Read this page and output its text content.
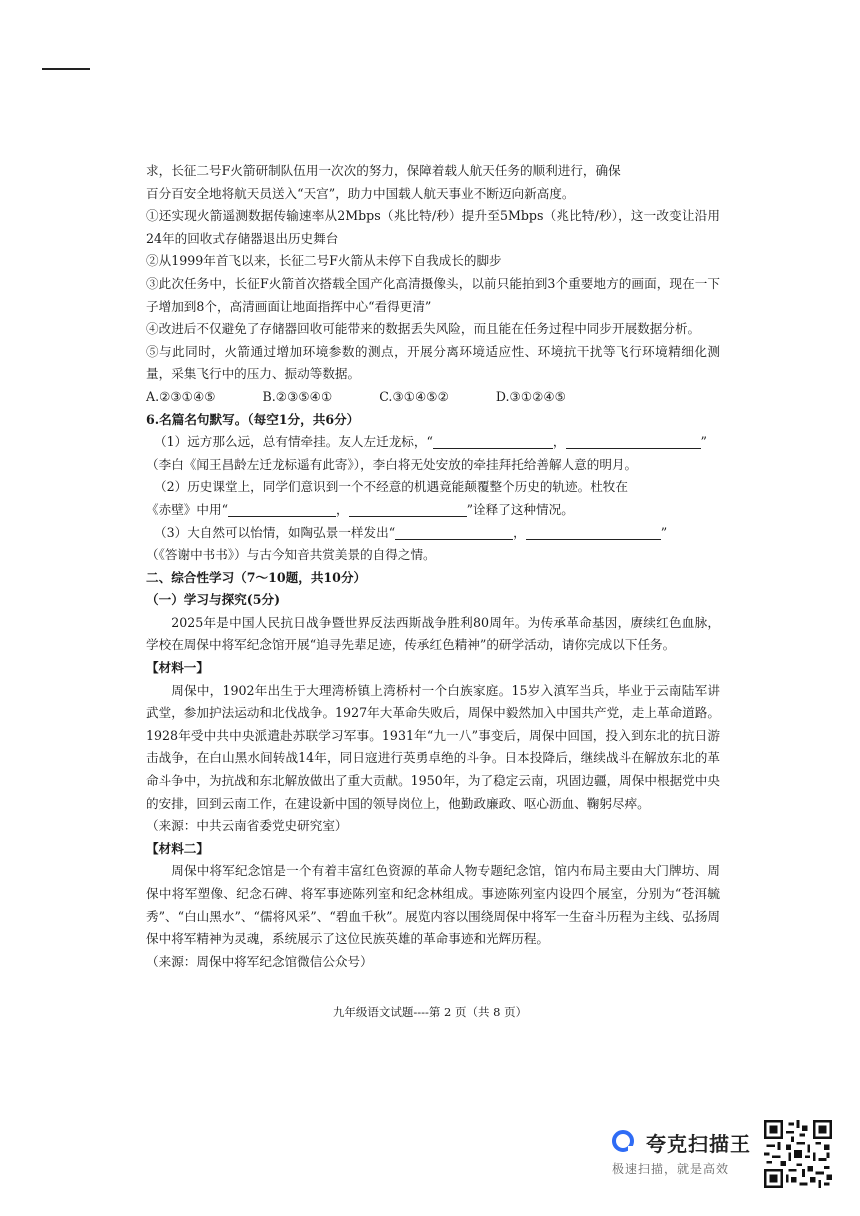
求，长征二号F火箭研制队伍用一次次的努力，保障着载人航天任务的顺利进行，确保

百分百安全地将航天员送入“天宫”，助力中国载人航天事业不断迈向新高度。

①还实现火箭遥测数据传输速率从2Mbps（兆比特/秒）提升至5Mbps（兆比特/秒），这一改变让沿用24年的回收式存储器退出历史舞台

②从1999年首飞以来，长征二号F火箭从未停下自我成长的脚步

③此次任务中，长征F火箭首次搭载全国产化高清摄像头，以前只能拍到3个重要地方的画面，现在一下子增加到8个，高清画面让地面指挥中心“看得更清”

④改进后不仅避免了存储器回收可能带来的数据丢失风险，而且能在任务过程中同步开展数据分析。

⑤与此同时，火箭通过增加环境参数的测点，开展分离环境适应性、环境抗干扰等飞行环境精细化测量，采集飞行中的压力、振动等数据。

A.②③①④⑤	B.②③⑤④①	C.③①④⑤②	D.③①②④⑤

6.名篇名句默写。（每空1分，共6分）

（1）远方那么远，总有情牵挂。友人左迁龙标，“	，	”

（李白《闻王昌龄左迁龙标遥有此寄》），李白将无处安放的牵挂拜托给善解人意的明月。

（2）历史课堂上，同学们意识到一个不经意的机遇竟能颠覆整个历史的轨迹。杜牧在

《赤壁》中用“	，	”诠释了这种情况。

（3）大自然可以怡情，如陶弘景一样发出“	，	”

（《答谢中书书》）与古今知音共赏美景的自得之情。

二、综合性学习（7～10题，共10分）

（一）学习与探究(5分)

2025年是中国人民抗日战争暨世界反法西斯战争胜利80周年。为传承革命基因，赓续红色血脉，学校在周保中将军纪念馆开展“追寻先辈足迹，传承红色精神”的研学活动，请你完成以下任务。

【材料一】

周保中，1902年出生于大理湾桥镇上湾桥村一个白族家庭。15岁入滇军当兵，毕业于云南陆军讲武堂，参加护法运动和北伐战争。1927年大革命失败后，周保中毅然加入中国共产党，走上革命道路。1928年受中共中央派遣赴苏联学习军事。1931年“九一八”事变后，周保中回国，投入到东北的抗日游击战争，在白山黑水间转战14年，同日寇进行英勇卓绝的斗争。日本投降后，继续战斗在解放东北的革命斗争中，为抗战和东北解放做出了重大贡献。1950年，为了稳定云南，巩固边疆，周保中根据党中央的安排，回到云南工作，在建设新中国的领导岗位上，他勤政廉政、呕心沥血、鞠躬尽瘁。

（来源：中共云南省委党史研究室）

【材料二】

周保中将军纪念馆是一个有着丰富红色资源的革命人物专题纪念馆，馆内布局主要由大门牌坊、周保中将军塑像、纪念石碑、将军事迹陈列室和纪念林组成。事迹陈列室内设四个展室，分别为“苍洱毓秀”、“白山黑水”、“儒将风采”、“碧血千秋”。展览内容以围绕周保中将军一生奋斗历程为主线、弘扬周保中将军精神为灵魂，系统展示了这位民族英雄的革命事迹和光辉历程。

（来源：周保中将军纪念馆微信公众号）

九年级语文试题----第 2 页（共 8 页）
夸克扫描王
极速扫描，就是高效
